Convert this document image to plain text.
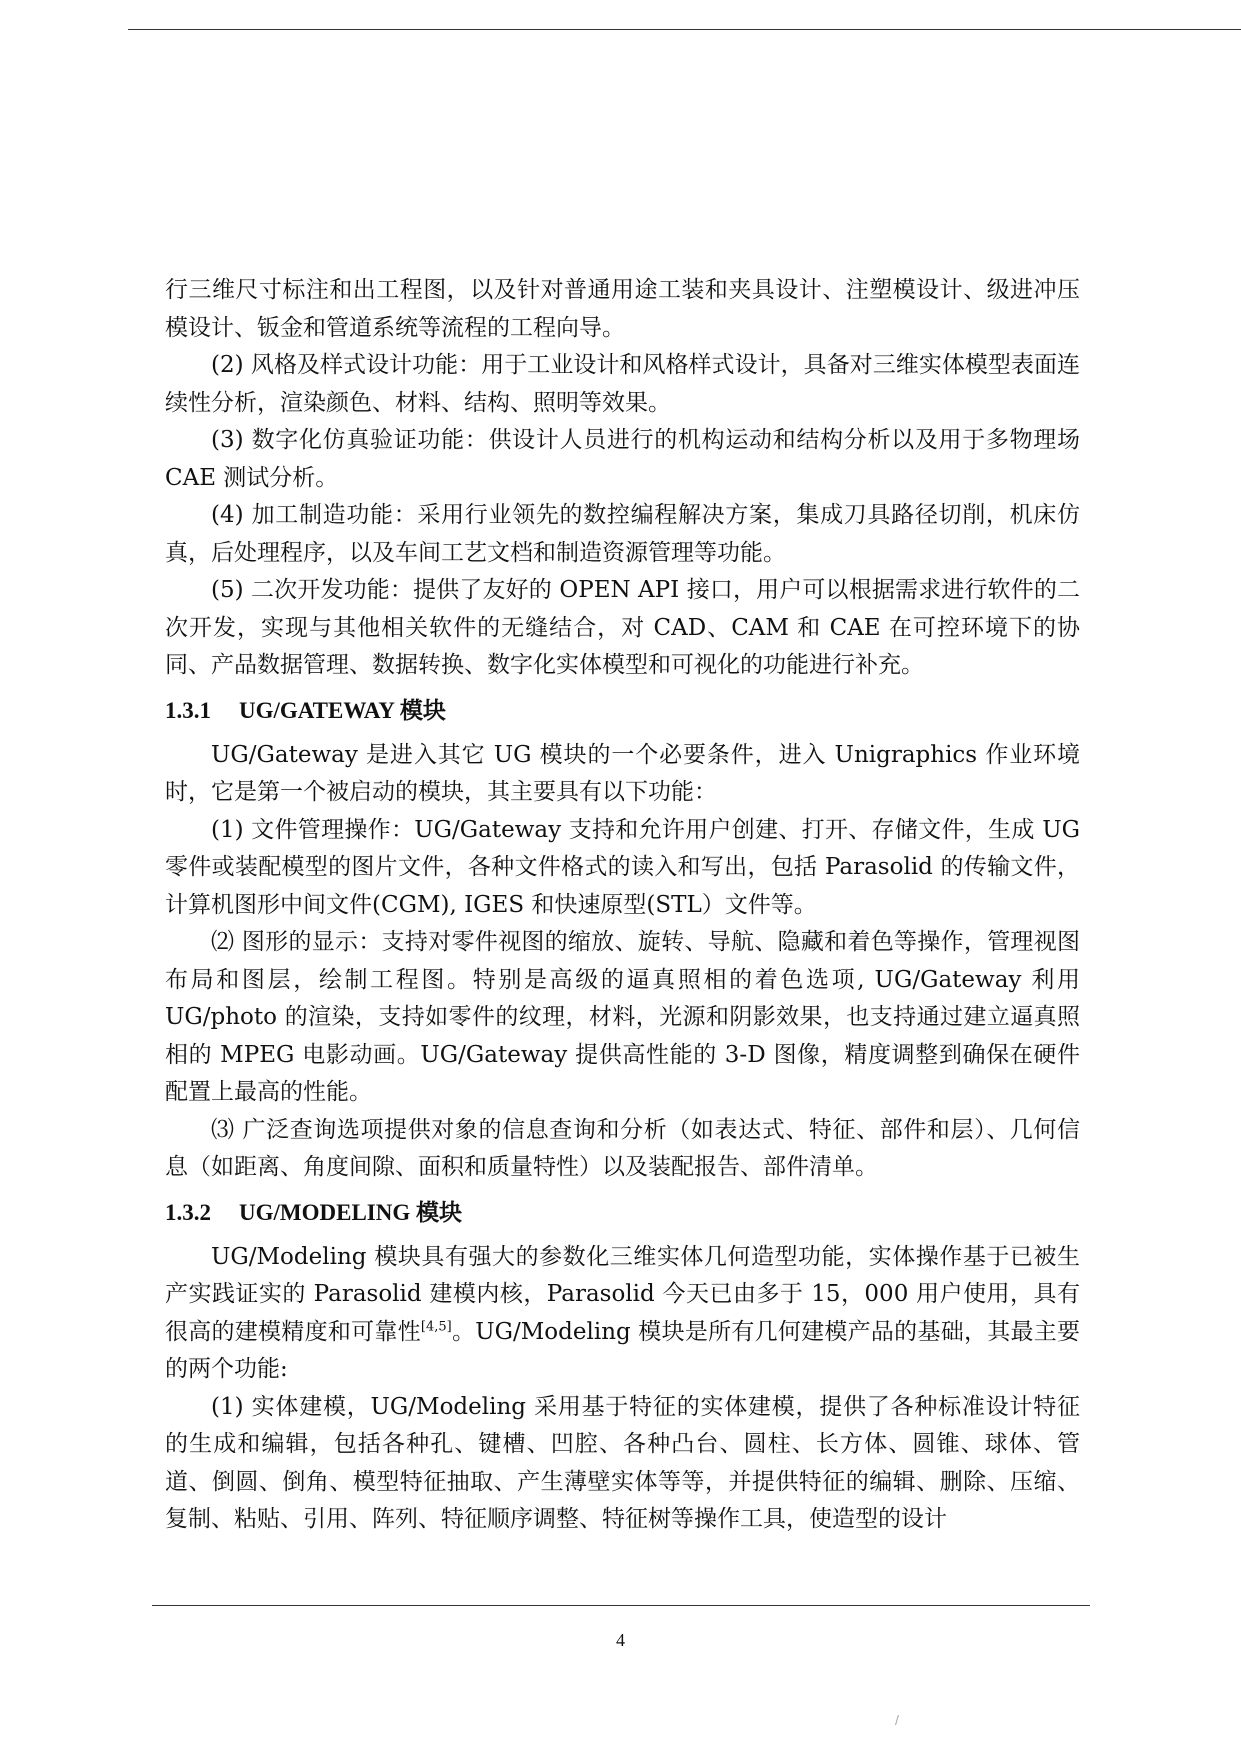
行三维尺寸标注和出工程图，以及针对普通用途工装和夹具设计、注塑模设计、级进冲压模设计、钣金和管道系统等流程的工程向导。

(2) 风格及样式设计功能：用于工业设计和风格样式设计，具备对三维实体模型表面连续性分析，渲染颜色、材料、结构、照明等效果。

(3) 数字化仿真验证功能：供设计人员进行的机构运动和结构分析以及用于多物理场 CAE 测试分析。

(4) 加工制造功能：采用行业领先的数控编程解决方案，集成刀具路径切削，机床仿真，后处理程序，以及车间工艺文档和制造资源管理等功能。

(5) 二次开发功能：提供了友好的 OPEN API 接口，用户可以根据需求进行软件的二次开发，实现与其他相关软件的无缝结合，对 CAD、CAM 和 CAE 在可控环境下的协同、产品数据管理、数据转换、数字化实体模型和可视化的功能进行补充。

1.3.1 UG/GATEWAY 模块

UG/Gateway 是进入其它 UG 模块的一个必要条件，进入 Unigraphics 作业环境时，它是第一个被启动的模块，其主要具有以下功能：

(1) 文件管理操作：UG/Gateway 支持和允许用户创建、打开、存储文件，生成 UG 零件或装配模型的图片文件，各种文件格式的读入和写出，包括 Parasolid 的传输文件，计算机图形中间文件(CGM), IGES 和快速原型(STL）文件等。

⑵ 图形的显示：支持对零件视图的缩放、旋转、导航、隐藏和着色等操作，管理视图布局和图层，绘制工程图。特别是高级的逼真照相的着色选项, UG/Gateway 利用 UG/photo 的渲染，支持如零件的纹理，材料，光源和阴影效果，也支持通过建立逼真照相的 MPEG 电影动画。UG/Gateway 提供高性能的 3-D 图像，精度调整到确保在硬件配置上最高的性能。

⑶ 广泛查询选项提供对象的信息查询和分析（如表达式、特征、部件和层）、几何信息（如距离、角度间隙、面积和质量特性）以及装配报告、部件清单。

1.3.2 UG/MODELING 模块

UG/Modeling 模块具有强大的参数化三维实体几何造型功能，实体操作基于已被生产实践证实的 Parasolid 建模内核，Parasolid 今天已由多于 15，000 用户使用，具有很高的建模精度和可靠性[4,5]。UG/Modeling 模块是所有几何建模产品的基础，其最主要的两个功能:

(1) 实体建模，UG/Modeling 采用基于特征的实体建模，提供了各种标准设计特征的生成和编辑，包括各种孔、键槽、凹腔、各种凸台、圆柱、长方体、圆锥、球体、管道、倒圆、倒角、模型特征抽取、产生薄壁实体等等，并提供特征的编辑、删除、压缩、复制、粘贴、引用、阵列、特征顺序调整、特征树等操作工具，使造型的设计

4
/
